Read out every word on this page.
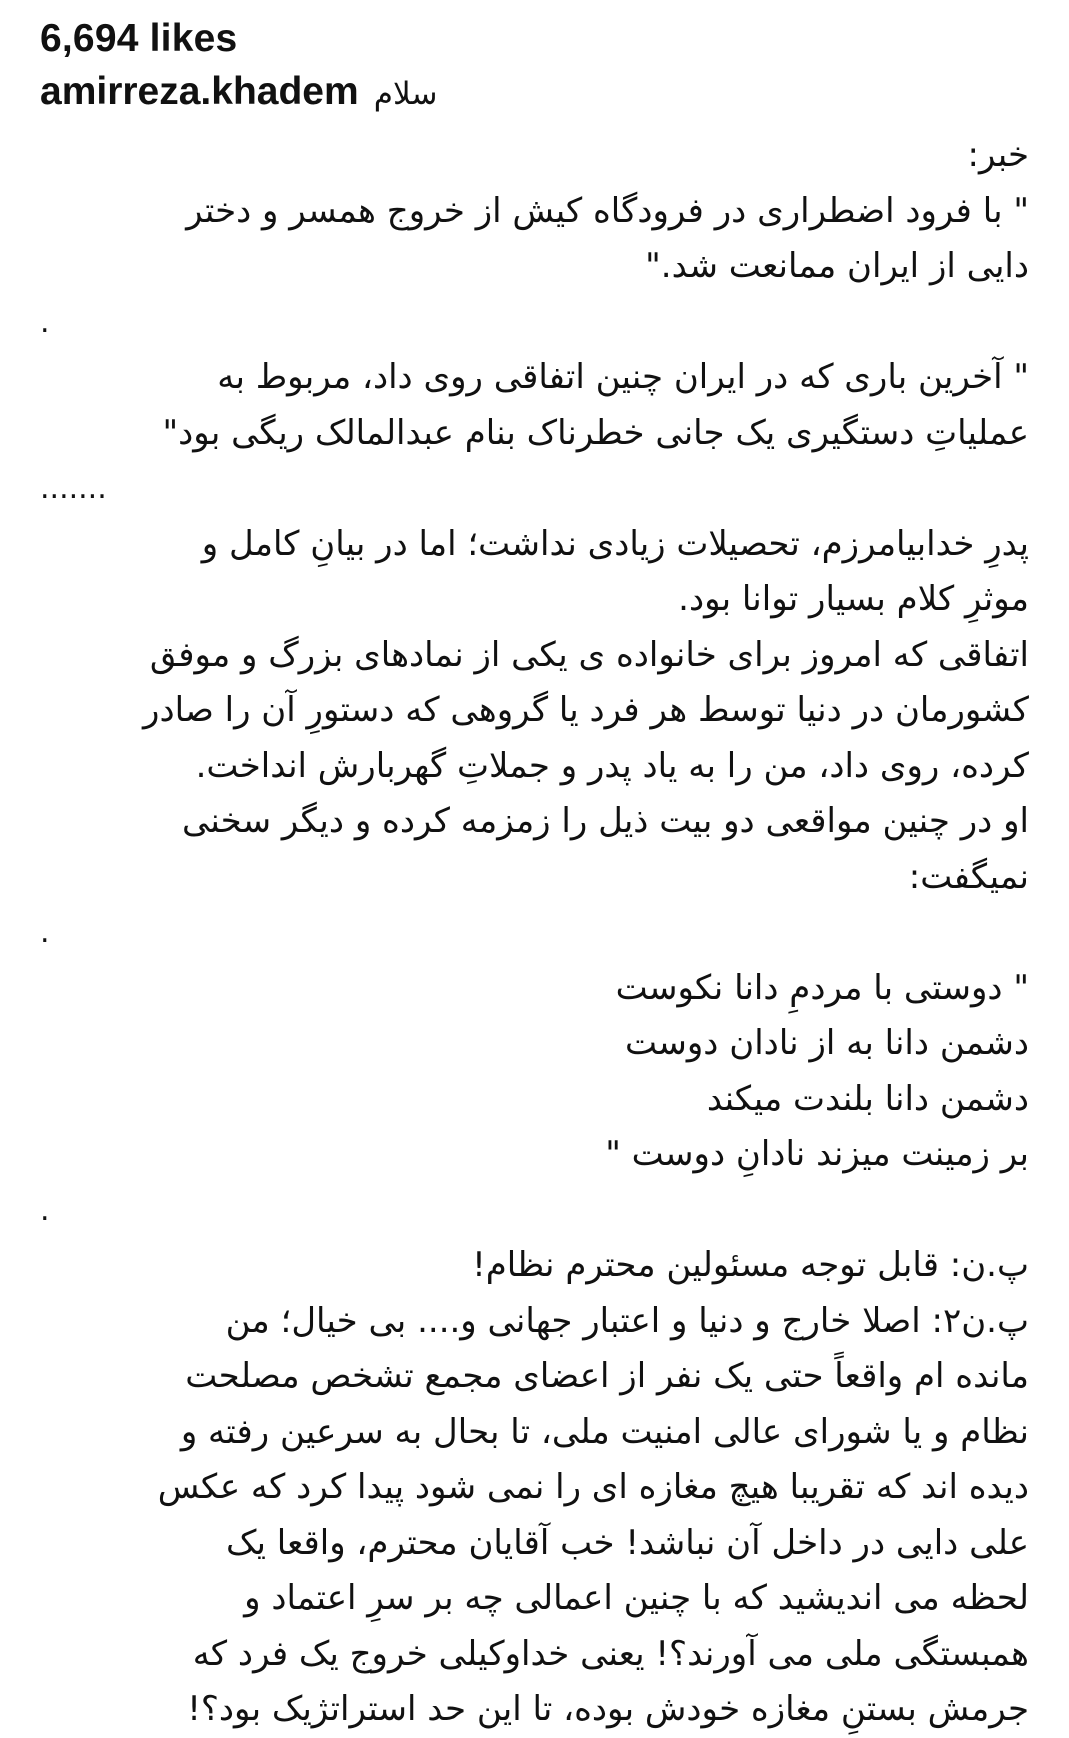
6,694 likes
amirreza.khadem سلام
خبر:
" با فرود اضطراری در فرودگاه کیش از خروج همسر و دختر
دایی از ایران ممانعت شد."
.
" آخرین باری که در ایران چنین اتفاقی روی داد، مربوط به
عملیاتِ دستگیری یک جانی خطرناک بنام عبدالمالک ریگی بود"
.......
پدرِ خدابیامرزم، تحصیلات زیادی نداشت؛ اما در بیانِ کامل و
موثرِ کلام بسیار توانا بود.
اتفاقی که امروز برای خانواده ی یکی از نمادهای بزرگ و موفق
کشورمان در دنیا توسط هر فرد یا گروهی که دستورِ آن را صادر
کرده، روی داد، من را به یاد پدر و جملاتِ گهربارش انداخت.
او در چنین مواقعی دو بیت ذیل را زمزمه کرده و دیگر سخنی
نمیگفت:
.
" دوستی با مردمِ دانا نکوست
دشمن دانا به از نادان دوست
دشمن دانا بلندت میکند
بر زمینت میزند نادانِ دوست "
.
پ.ن: قابل توجه مسئولین محترم نظام!
پ.ن۲: اصلا خارج و دنیا و اعتبار جهانی و.... بی خیال؛ من
مانده ام واقعاً حتی یک نفر از اعضای مجمع تشخص مصلحت
نظام و یا شورای عالی امنیت ملی، تا بحال به سرعین رفته و
دیده اند که تقریبا هیچ مغازه ای را نمی شود پیدا کرد که عکس
علی دایی در داخل آن نباشد! خب آقایان محترم، واقعا یک
لحظه می اندیشید که با چنین اعمالی چه بر سرِ اعتماد و
همبستگی ملی می آورند؟! یعنی خداوکیلی خروج یک فرد که
جرمش بستنِ مغازه خودش بوده، تا این حد استراتژیک بود؟!
